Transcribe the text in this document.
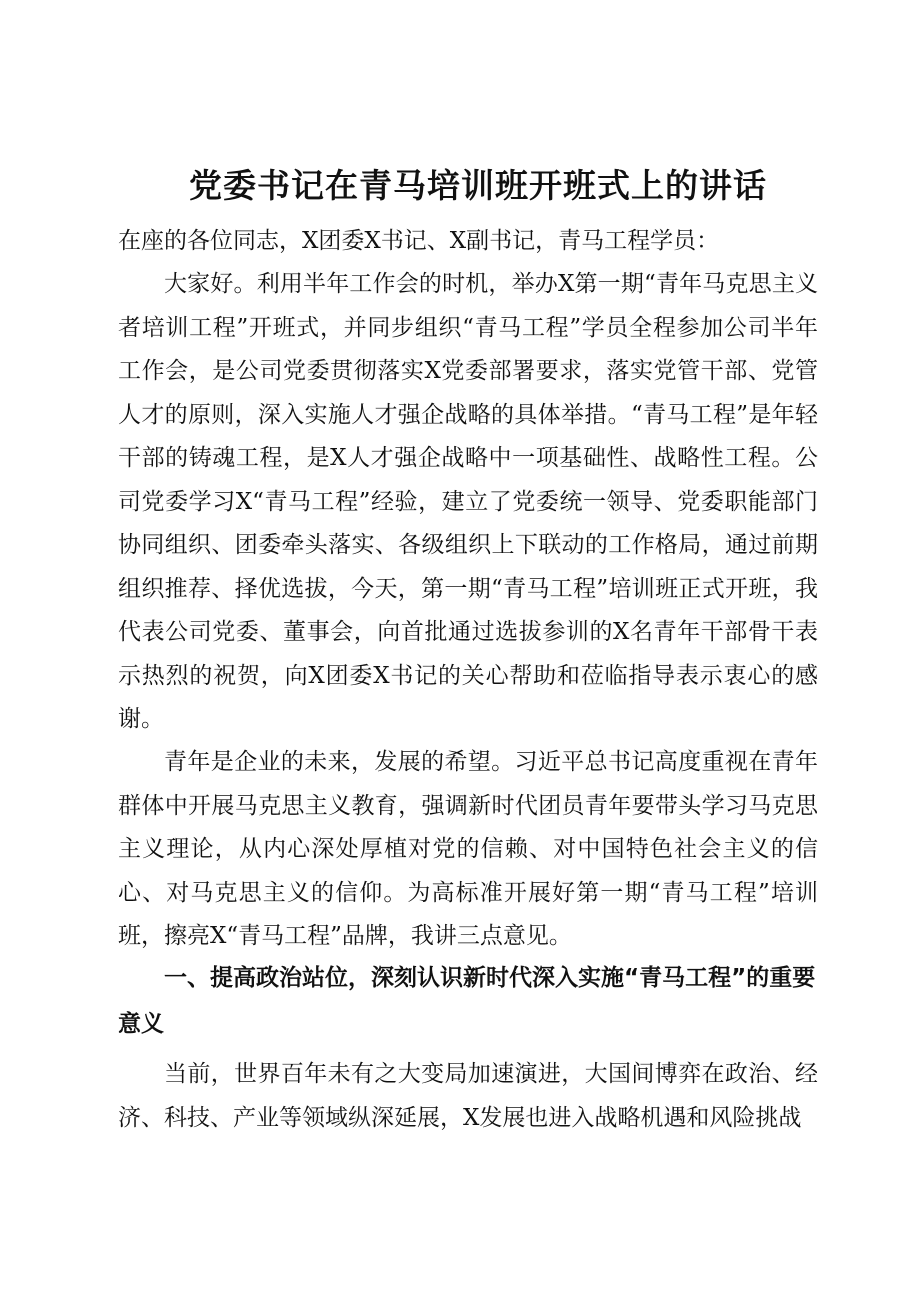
党委书记在青马培训班开班式上的讲话

在座的各位同志，X团委X书记、X副书记，青马工程学员：

大家好。利用半年工作会的时机，举办X第一期“青年马克思主义者培训工程”开班式，并同步组织“青马工程”学员全程参加公司半年工作会，是公司党委贯彻落实X党委部署要求，落实党管干部、党管人才的原则，深入实施人才强企战略的具体举措。“青马工程”是年轻干部的铸魂工程，是X人才强企战略中一项基础性、战略性工程。公司党委学习X“青马工程”经验，建立了党委统一领导、党委职能部门协同组织、团委牵头落实、各级组织上下联动的工作格局，通过前期组织推荐、择优选拔，今天，第一期“青马工程”培训班正式开班，我代表公司党委、董事会，向首批通过选拔参训的X名青年干部骨干表示热烈的祝贺，向X团委X书记的关心帮助和莅临指导表示衷心的感谢。

青年是企业的未来，发展的希望。习近平总书记高度重视在青年群体中开展马克思主义教育，强调新时代团员青年要带头学习马克思主义理论，从内心深处厚植对党的信赖、对中国特色社会主义的信心、对马克思主义的信仰。为高标准开展好第一期“青马工程”培训班，擦亮X“青马工程”品牌，我讲三点意见。

一、提高政治站位，深刻认识新时代深入实施“青马工程”的重要意义

当前，世界百年未有之大变局加速演进，大国间博弈在政治、经济、科技、产业等领域纵深延展，X发展也进入战略机遇和风险挑战
